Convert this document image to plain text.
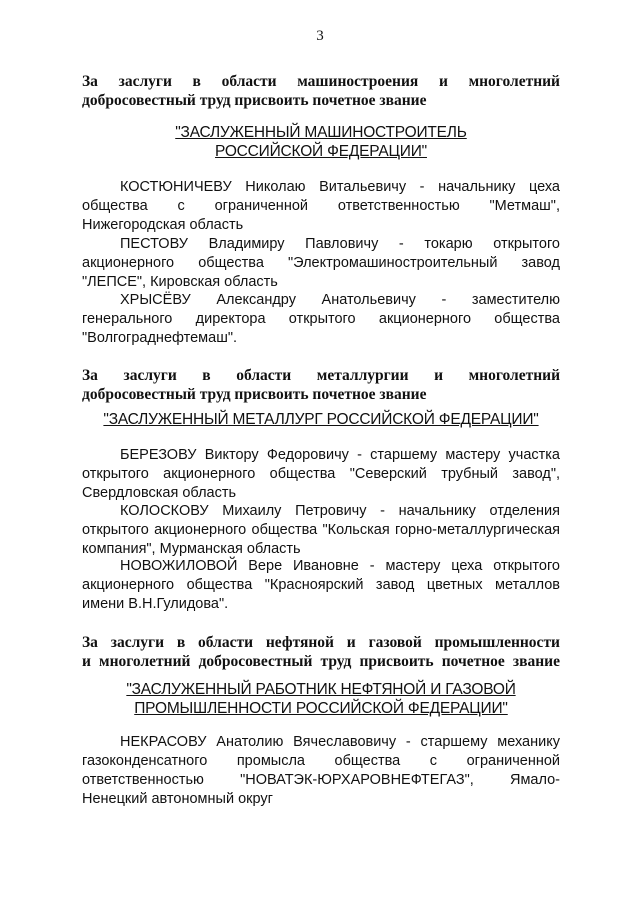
3
За заслуги в области машиностроения и многолетний
добросовестный труд присвоить почетное звание
"ЗАСЛУЖЕННЫЙ МАШИНОСТРОИТЕЛЬ
РОССИЙСКОЙ ФЕДЕРАЦИИ"
КОСТЮНИЧЕВУ Николаю Витальевичу - начальнику цеха
общества с ограниченной ответственностью "Метмаш",
Нижегородская область
ПЕСТОВУ Владимиру Павловичу - токарю открытого
акционерного общества "Электромашиностроительный завод
"ЛЕПСЕ", Кировская область
ХРЫСЁВУ Александру Анатольевичу - заместителю
генерального директора открытого акционерного общества
"Волгограднефтемаш".
За заслуги в области металлургии и многолетний
добросовестный труд присвоить почетное звание
"ЗАСЛУЖЕННЫЙ МЕТАЛЛУРГ РОССИЙСКОЙ ФЕДЕРАЦИИ"
БЕРЕЗОВУ Виктору Федоровичу - старшему мастеру участка
открытого акционерного общества "Северский трубный завод",
Свердловская область
КОЛОСКОВУ Михаилу Петровичу - начальнику отделения
открытого акционерного общества "Кольская горно-металлургическая
компания", Мурманская область
НОВОЖИЛОВОЙ Вере Ивановне - мастеру цеха открытого
акционерного общества "Красноярский завод цветных металлов
имени В.Н.Гулидова".
За заслуги в области нефтяной и газовой промышленности
и многолетний добросовестный труд присвоить почетное звание
"ЗАСЛУЖЕННЫЙ РАБОТНИК НЕФТЯНОЙ И ГАЗОВОЙ
ПРОМЫШЛЕННОСТИ РОССИЙСКОЙ ФЕДЕРАЦИИ"
НЕКРАСОВУ Анатолию Вячеславовичу - старшему механику
газоконденсатного промысла общества с ограниченной
ответственностью "НОВАТЭК-ЮРХАРОВНЕФТЕГАЗ", Ямало-
Ненецкий автономный округ
